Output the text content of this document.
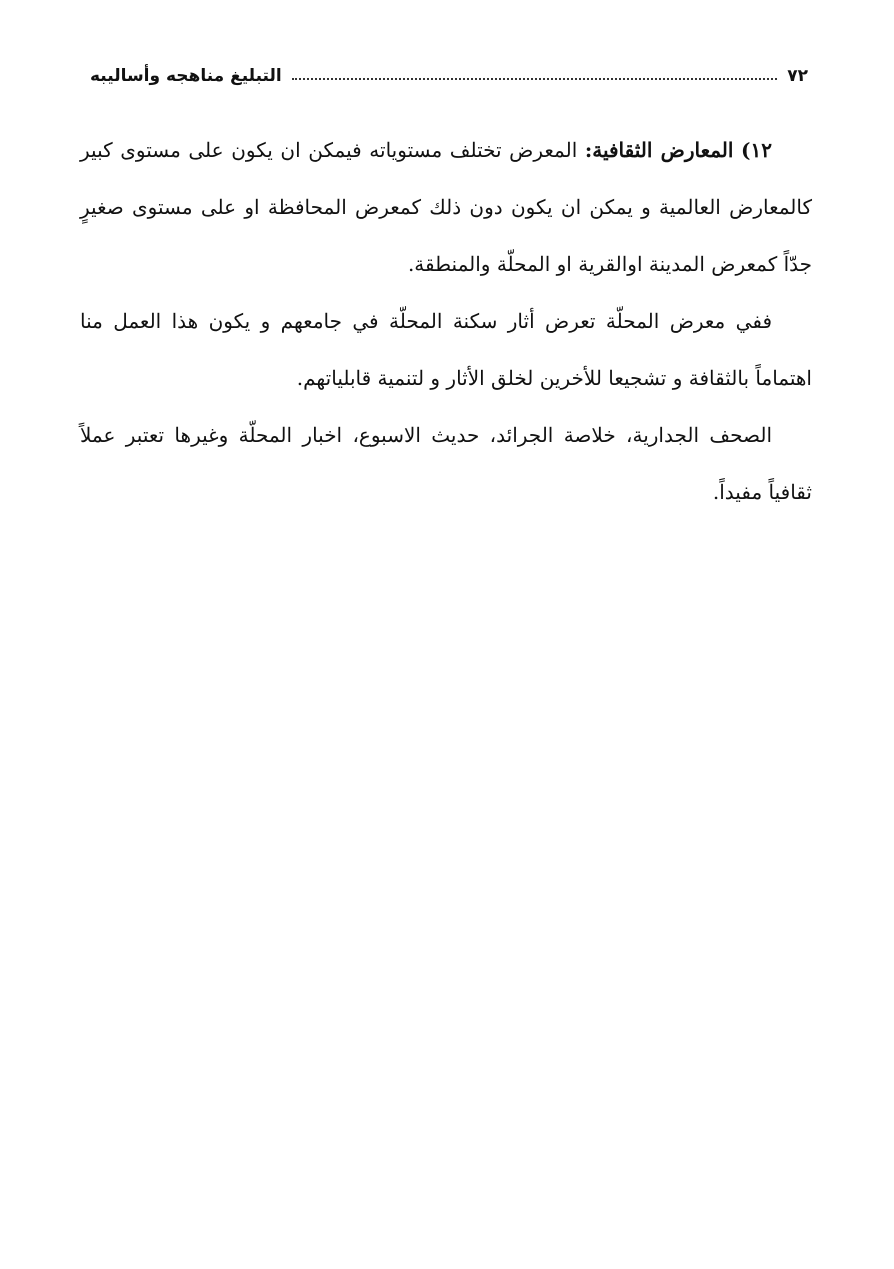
٧٢
التبليغ مناهجه وأساليبه

١٢) المعارض الثقافية: المعرض تختلف مستوياته فيمكن ان يكون على مستوى كبير كالمعارض العالمية و يمكن ان يكون دون ذلك كمعرض المحافظة او على مستوى صغيرٍ جدّاً كمعرض المدينة اوالقرية او المحلّة والمنطقة.

ففي معرض المحلّة تعرض أثار سكنة المحلّة في جامعهم و يكون هذا العمل منا اهتماماً بالثقافة و تشجيعا للأخرين لخلق الأثار و لتنمية قابلياتهم.

الصحف الجدارية، خلاصة الجرائد، حديث الاسبوع، اخبار المحلّة وغيرها تعتبر عملاً ثقافياً مفيداً.
